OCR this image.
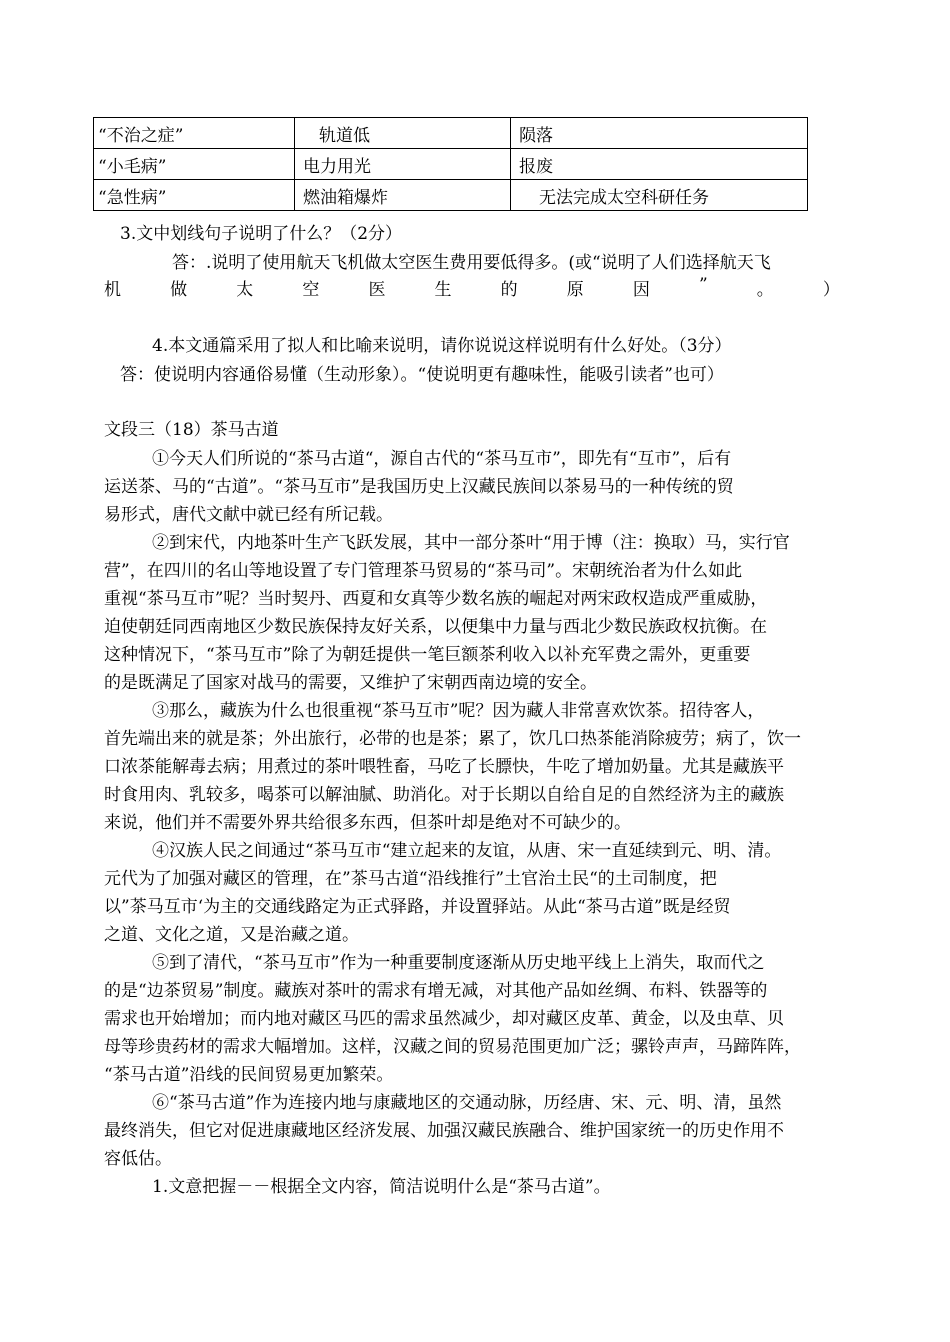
“不治之症”	轨道低	陨落
“小毛病”	电力用光	报废
“急性病”	燃油箱爆炸	无法完成太空科研任务
3.文中划线句子说明了什么？（2分）
答：.说明了使用航天飞机做太空医生费用要低得多。(或“说明了人们选择航天飞
机	做	太	空	医	生	的	原	因	”	。	）
4.本文通篇采用了拟人和比喻来说明，请你说说这样说明有什么好处。（3分）
答：使说明内容通俗易懂（生动形象）。“使说明更有趣味性，能吸引读者”也可）
文段三（18）茶马古道
①今天人们所说的“茶马古道“，源自古代的“茶马互市”，即先有“互市”，后有
运送茶、马的“古道”。“茶马互市”是我国历史上汉藏民族间以茶易马的一种传统的贸
易形式，唐代文献中就已经有所记载。
②到宋代，内地茶叶生产飞跃发展，其中一部分茶叶“用于博（注：换取）马，实行官
营”，在四川的名山等地设置了专门管理茶马贸易的“茶马司”。宋朝统治者为什么如此
重视“茶马互市”呢？当时契丹、西夏和女真等少数名族的崛起对两宋政权造成严重威胁，
迫使朝廷同西南地区少数民族保持友好关系，以便集中力量与西北少数民族政权抗衡。在
这种情况下，“茶马互市”除了为朝廷提供一笔巨额茶利收入以补充军费之需外，更重要
的是既满足了国家对战马的需要，又维护了宋朝西南边境的安全。
③那么，藏族为什么也很重视“茶马互市”呢？因为藏人非常喜欢饮茶。招待客人，
首先端出来的就是茶；外出旅行，必带的也是茶；累了，饮几口热茶能消除疲劳；病了，饮一
口浓茶能解毒去病；用煮过的茶叶喂牲畜，马吃了长膘快，牛吃了增加奶量。尤其是藏族平
时食用肉、乳较多，喝茶可以解油腻、助消化。对于长期以自给自足的自然经济为主的藏族
来说，他们并不需要外界共给很多东西，但茶叶却是绝对不可缺少的。
④汉族人民之间通过“茶马互市“建立起来的友谊，从唐、宋一直延续到元、明、清。
元代为了加强对藏区的管理，在”茶马古道“沿线推行”土官治土民“的土司制度，把
以”茶马互市‘为主的交通线路定为正式驿路，并设置驿站。从此“茶马古道”既是经贸
之道、文化之道，又是治藏之道。
⑤到了清代，“茶马互市”作为一种重要制度逐渐从历史地平线上上消失，取而代之
的是“边茶贸易”制度。藏族对茶叶的需求有增无减，对其他产品如丝绸、布料、铁器等的
需求也开始增加；而内地对藏区马匹的需求虽然减少，却对藏区皮革、黄金，以及虫草、贝
母等珍贵药材的需求大幅增加。这样，汉藏之间的贸易范围更加广泛；骡铃声声，马蹄阵阵，
“茶马古道”沿线的民间贸易更加繁荣。
⑥“茶马古道”作为连接内地与康藏地区的交通动脉，历经唐、宋、元、明、清，虽然
最终消失，但它对促进康藏地区经济发展、加强汉藏民族融合、维护国家统一的历史作用不
容低估。
1.文意把握－－根据全文内容，简洁说明什么是“茶马古道”。
